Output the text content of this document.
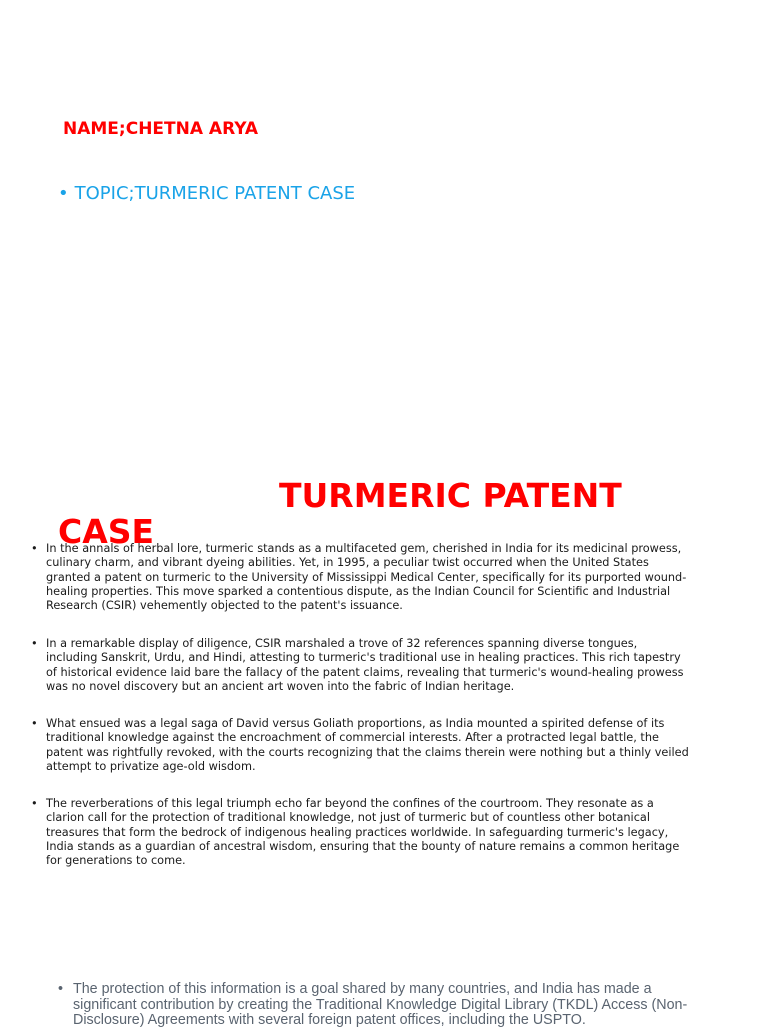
NAME;CHETNA ARYA

• TOPIC;TURMERIC PATENT CASE

TURMERIC PATENT

CASE

• In the annals of herbal lore, turmeric stands as a multifaceted gem, cherished in India for its medicinal prowess, culinary charm, and vibrant dyeing abilities. Yet, in 1995, a peculiar twist occurred when the United States granted a patent on turmeric to the University of Mississippi Medical Center, specifically for its purported wound-healing properties. This move sparked a contentious dispute, as the Indian Council for Scientific and Industrial Research (CSIR) vehemently objected to the patent's issuance.
• In a remarkable display of diligence, CSIR marshaled a trove of 32 references spanning diverse tongues, including Sanskrit, Urdu, and Hindi, attesting to turmeric's traditional use in healing practices. This rich tapestry of historical evidence laid bare the fallacy of the patent claims, revealing that turmeric's wound-healing prowess was no novel discovery but an ancient art woven into the fabric of Indian heritage.
• What ensued was a legal saga of David versus Goliath proportions, as India mounted a spirited defense of its traditional knowledge against the encroachment of commercial interests. After a protracted legal battle, the patent was rightfully revoked, with the courts recognizing that the claims therein were nothing but a thinly veiled attempt to privatize age-old wisdom.
• The reverberations of this legal triumph echo far beyond the confines of the courtroom. They resonate as a clarion call for the protection of traditional knowledge, not just of turmeric but of countless other botanical treasures that form the bedrock of indigenous healing practices worldwide. In safeguarding turmeric's legacy, India stands as a guardian of ancestral wisdom, ensuring that the bounty of nature remains a common heritage for generations to come.
• The protection of this information is a goal shared by many countries, and India has made a significant contribution by creating the Traditional Knowledge Digital Library (TKDL) Access (Non-Disclosure) Agreements with several foreign patent offices, including the USPTO.
